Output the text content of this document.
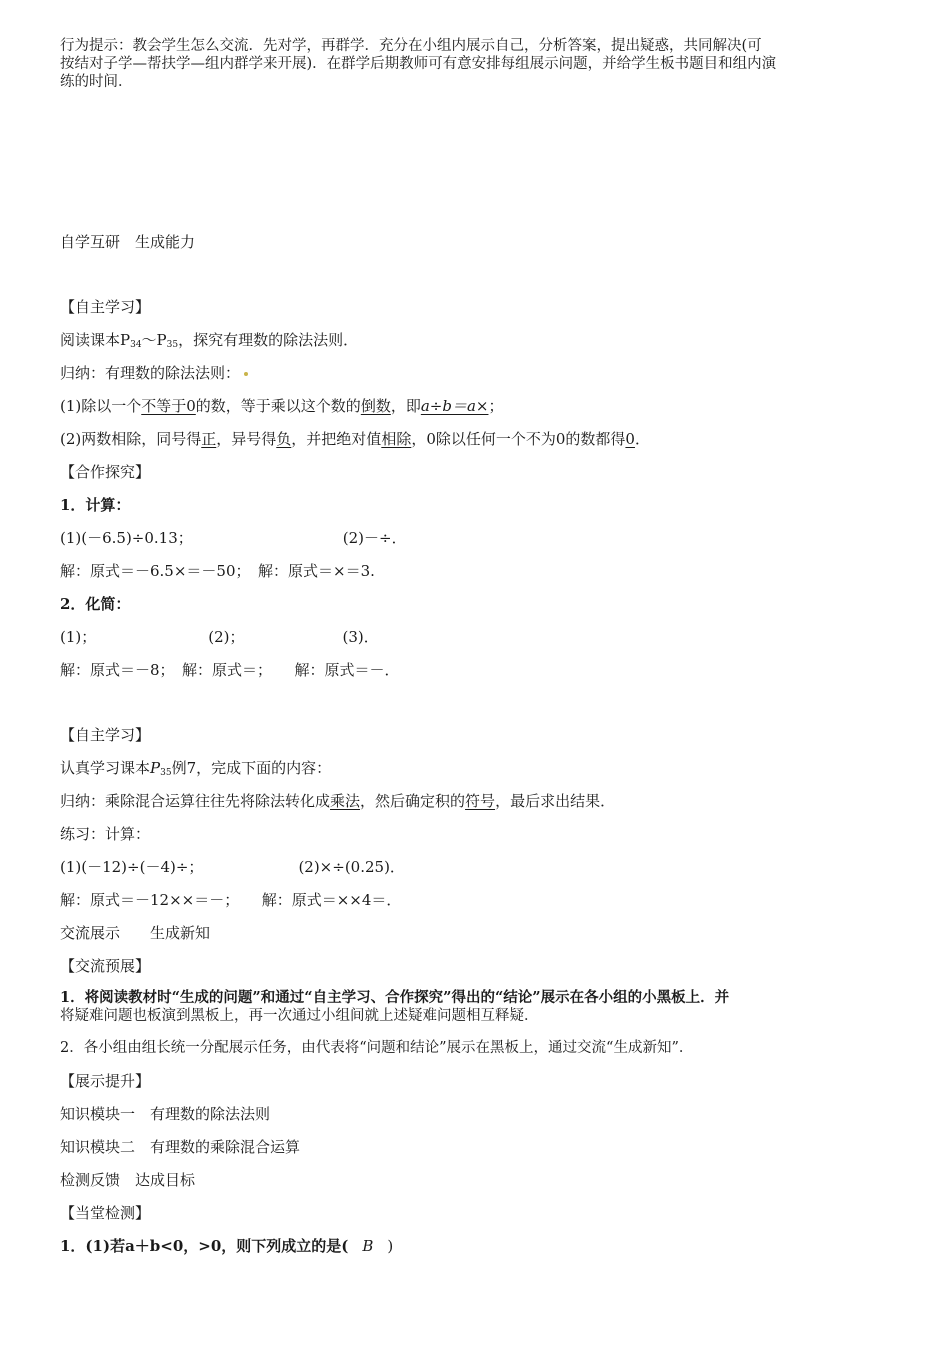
行为提示：教会学生怎么交流．先对学，再群学．充分在小组内展示自己，分析答案，提出疑惑，共同解决(可
按结对子学—帮扶学—组内群学来开展)．在群学后期教师可有意安排每组展示问题，并给学生板书题目和组内演
练的时间．
自学互研　生成能力
【自主学习】
阅读课本$P_{34}\sim P_{35}$，探究有理数的除法法则．
归纳：有理数的除法法则：
(1)除以一个不等于0的数，等于乘以这个数的倒数，即a÷b＝a×；
(2)两数相除，同号得正，异号得负，并把绝对值相除，0除以任何一个不为0的数都得0．
【合作探究】
1．计算：
(1)(－6.5)÷0.13；	(2)－÷．
解：原式＝－6.5×＝－50；　解：原式＝×＝3.
2．化简：
(1)；	(2)；	(3)．
解：原式＝－8；　解：原式＝；　　解：原式＝－．
【自主学习】
认真学习课本$P_{35}$例7，完成下面的内容：
归纳：乘除混合运算往往先将除法转化成乘法，然后确定积的符号，最后求出结果．
练习：计算：
(1)(－12)÷(－4)÷；	(2)×÷(0.25)．
解：原式＝－12××＝－；　　解：原式＝××4＝．
交流展示　　生成新知
【交流预展】
1．将阅读教材时“生成的问题”和通过“自主学习、合作探究”得出的“结论”展示在各小组的小黑板上．并
将疑难问题也板演到黑板上，再一次通过小组间就上述疑难问题相互释疑．
2．各小组由组长统一分配展示任务，由代表将“问题和结论”展示在黑板上，通过交流“生成新知”．
【展示提升】
知识模块一　有理数的除法法则
知识模块二　有理数的乘除混合运算
检测反馈　达成目标
【当堂检测】
1．(1)若a＋b<0，>0，则下列成立的是( B )
